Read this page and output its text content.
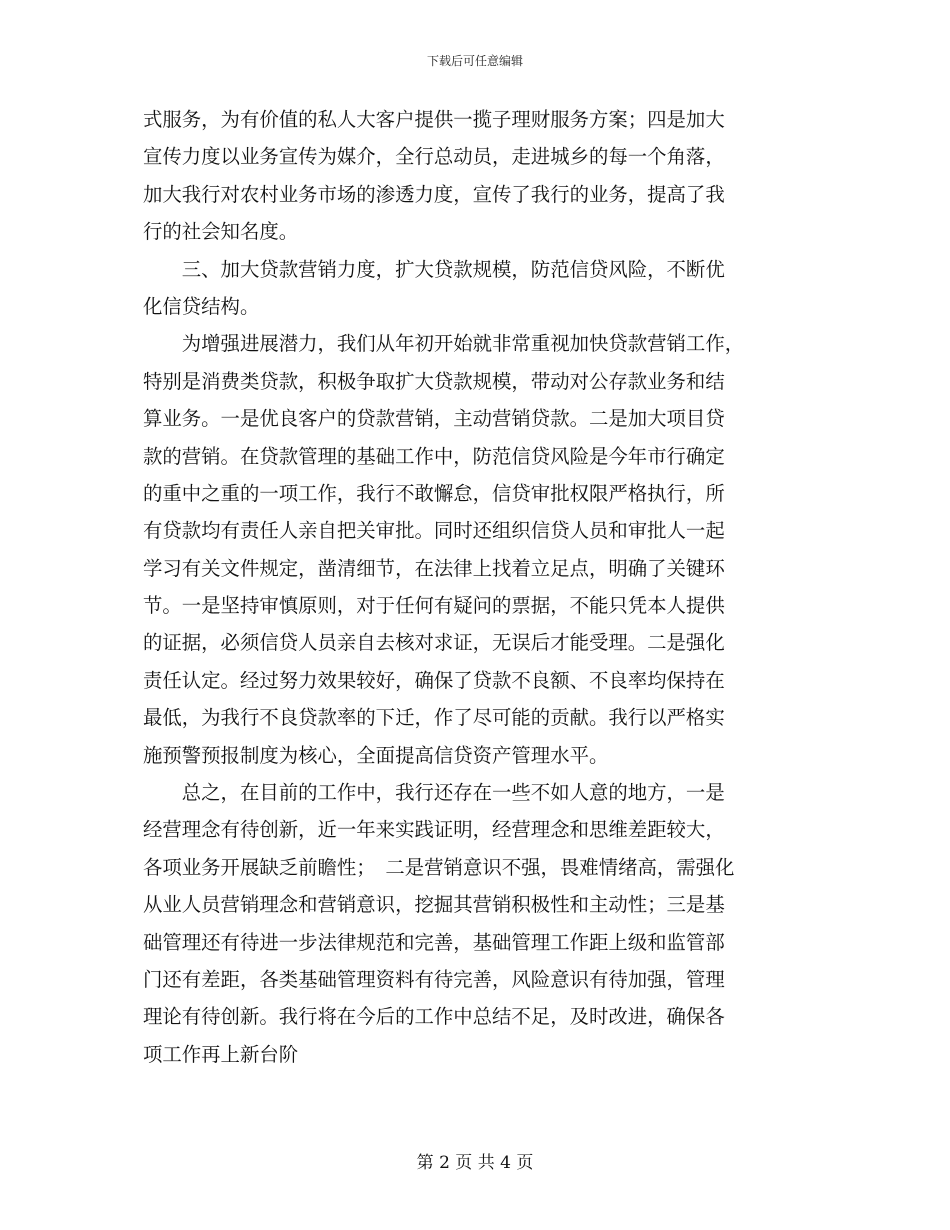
下载后可任意编辑
式服务，为有价值的私人大客户提供一揽子理财服务方案；四是加大
宣传力度以业务宣传为媒介，全行总动员，走进城乡的每一个角落，
加大我行对农村业务市场的渗透力度，宣传了我行的业务，提高了我
行的社会知名度。
　　三、加大贷款营销力度，扩大贷款规模，防范信贷风险，不断优
化信贷结构。
　　为增强进展潜力，我们从年初开始就非常重视加快贷款营销工作，
特别是消费类贷款，积极争取扩大贷款规模，带动对公存款业务和结
算业务。一是优良客户的贷款营销，主动营销贷款。二是加大项目贷
款的营销。在贷款管理的基础工作中，防范信贷风险是今年市行确定
的重中之重的一项工作，我行不敢懈怠，信贷审批权限严格执行，所
有贷款均有责任人亲自把关审批。同时还组织信贷人员和审批人一起
学习有关文件规定，凿清细节，在法律上找着立足点，明确了关键环
节。一是坚持审慎原则，对于任何有疑问的票据，不能只凭本人提供
的证据，必须信贷人员亲自去核对求证，无误后才能受理。二是强化
责任认定。经过努力效果较好，确保了贷款不良额、不良率均保持在
最低，为我行不良贷款率的下迁，作了尽可能的贡献。我行以严格实
施预警预报制度为核心，全面提高信贷资产管理水平。
　　总之，在目前的工作中，我行还存在一些不如人意的地方，一是
经营理念有待创新，近一年来实践证明，经营理念和思维差距较大，
各项业务开展缺乏前瞻性；　二是营销意识不强，畏难情绪高，需强化
从业人员营销理念和营销意识，挖掘其营销积极性和主动性；三是基
础管理还有待进一步法律规范和完善，基础管理工作距上级和监管部
门还有差距，各类基础管理资料有待完善，风险意识有待加强，管理
理论有待创新。我行将在今后的工作中总结不足，及时改进，确保各
项工作再上新台阶
第 2 页 共 4 页
